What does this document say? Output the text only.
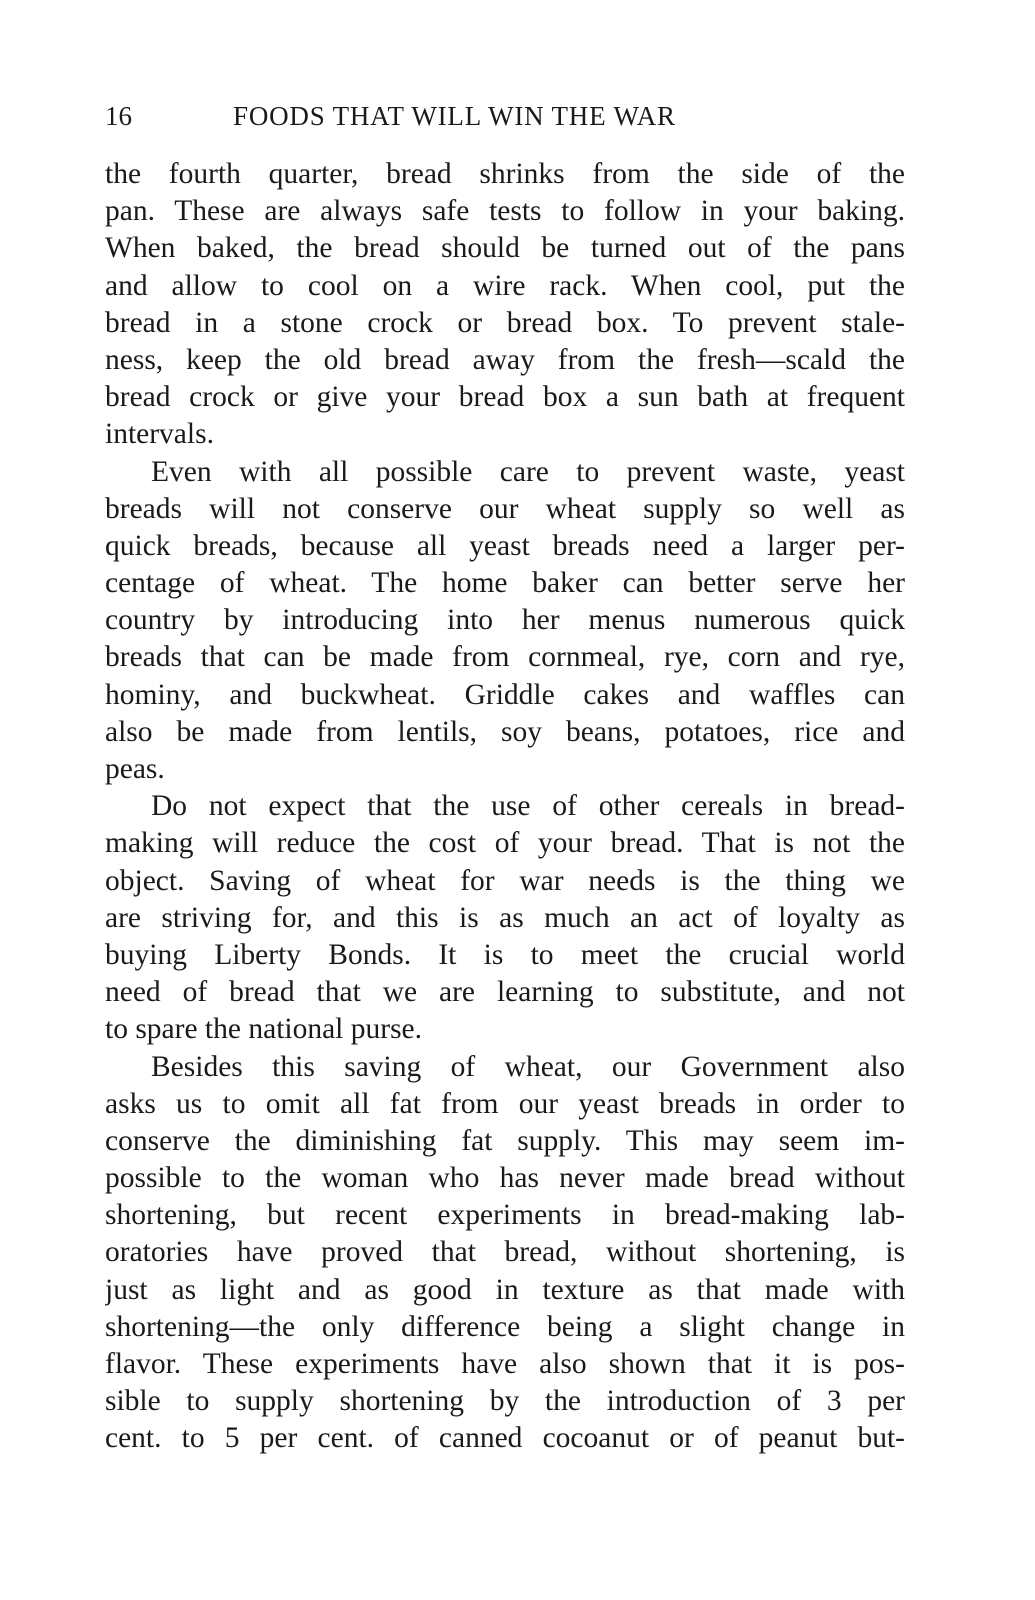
16	FOODS THAT WILL WIN THE WAR
the fourth quarter, bread shrinks from the side of the
pan. These are always safe tests to follow in your baking.
When baked, the bread should be turned out of the pans
and allow to cool on a wire rack. When cool, put the
bread in a stone crock or bread box. To prevent stale-
ness, keep the old bread away from the fresh—scald the
bread crock or give your bread box a sun bath at frequent
intervals.
Even with all possible care to prevent waste, yeast
breads will not conserve our wheat supply so well as
quick breads, because all yeast breads need a larger per-
centage of wheat. The home baker can better serve her
country by introducing into her menus numerous quick
breads that can be made from cornmeal, rye, corn and rye,
hominy, and buckwheat. Griddle cakes and waffles can
also be made from lentils, soy beans, potatoes, rice and
peas.
Do not expect that the use of other cereals in bread-
making will reduce the cost of your bread. That is not the
object. Saving of wheat for war needs is the thing we
are striving for, and this is as much an act of loyalty as
buying Liberty Bonds. It is to meet the crucial world
need of bread that we are learning to substitute, and not
to spare the national purse.
Besides this saving of wheat, our Government also
asks us to omit all fat from our yeast breads in order to
conserve the diminishing fat supply. This may seem im-
possible to the woman who has never made bread without
shortening, but recent experiments in bread-making lab-
oratories have proved that bread, without shortening, is
just as light and as good in texture as that made with
shortening—the only difference being a slight change in
flavor. These experiments have also shown that it is pos-
sible to supply shortening by the introduction of 3 per
cent. to 5 per cent. of canned cocoanut or of peanut but-
